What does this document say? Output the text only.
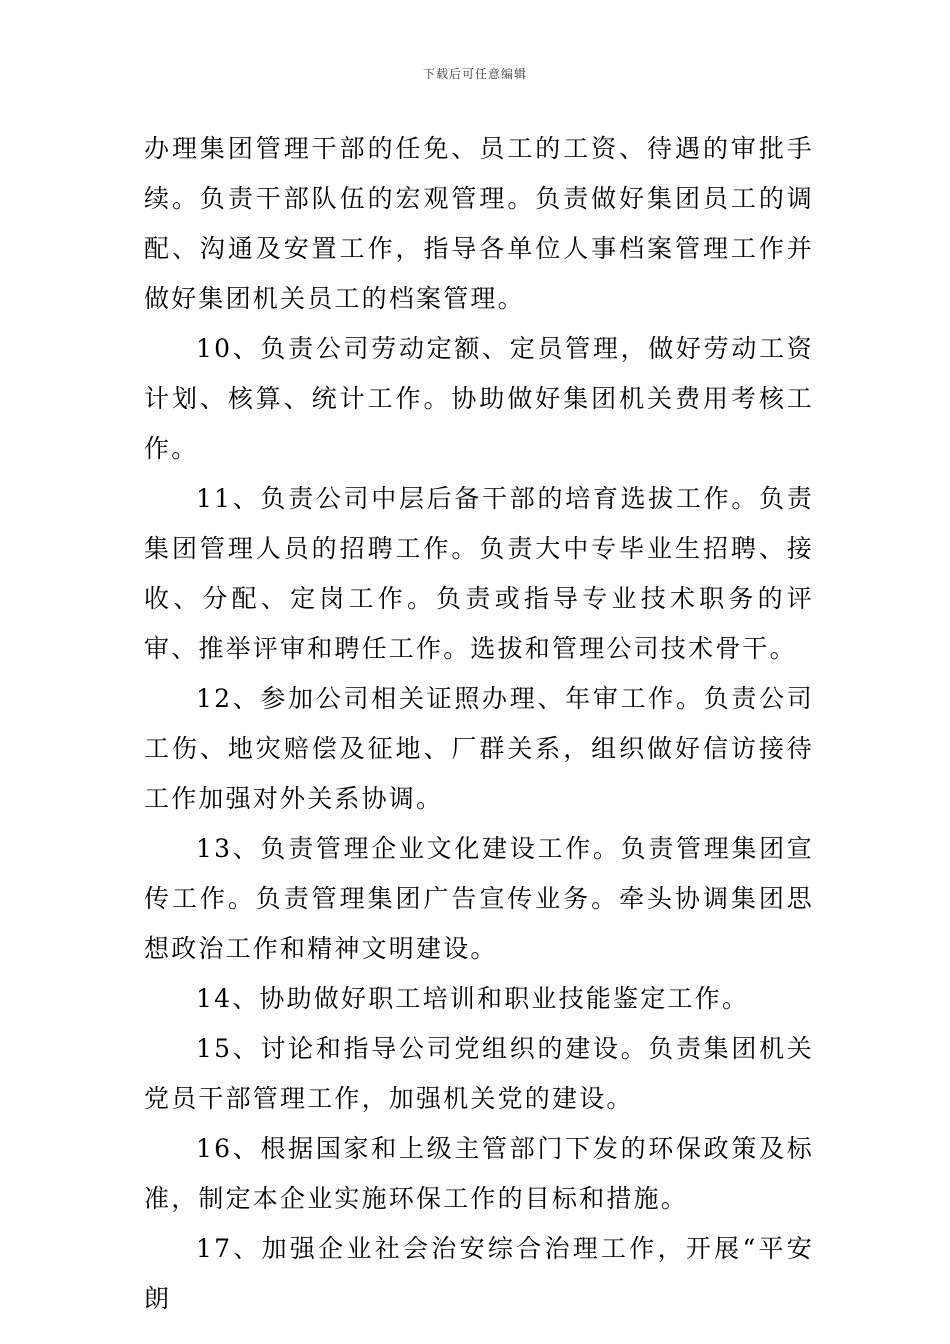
下载后可任意编辑

办理集团管理干部的任免、员工的工资、待遇的审批手续。负责干部队伍的宏观管理。负责做好集团员工的调配、沟通及安置工作，指导各单位人事档案管理工作并做好集团机关员工的档案管理。

10、负责公司劳动定额、定员管理，做好劳动工资计划、核算、统计工作。协助做好集团机关费用考核工作。

11、负责公司中层后备干部的培育选拔工作。负责集团管理人员的招聘工作。负责大中专毕业生招聘、接收、分配、定岗工作。负责或指导专业技术职务的评审、推举评审和聘任工作。选拔和管理公司技术骨干。

12、参加公司相关证照办理、年审工作。负责公司工伤、地灾赔偿及征地、厂群关系，组织做好信访接待工作加强对外关系协调。

13、负责管理企业文化建设工作。负责管理集团宣传工作。负责管理集团广告宣传业务。牵头协调集团思想政治工作和精神文明建设。

14、协助做好职工培训和职业技能鉴定工作。

15、讨论和指导公司党组织的建设。负责集团机关党员干部管理工作，加强机关党的建设。

16、根据国家和上级主管部门下发的环保政策及标准，制定本企业实施环保工作的目标和措施。

17、加强企业社会治安综合治理工作，开展“平安朗
